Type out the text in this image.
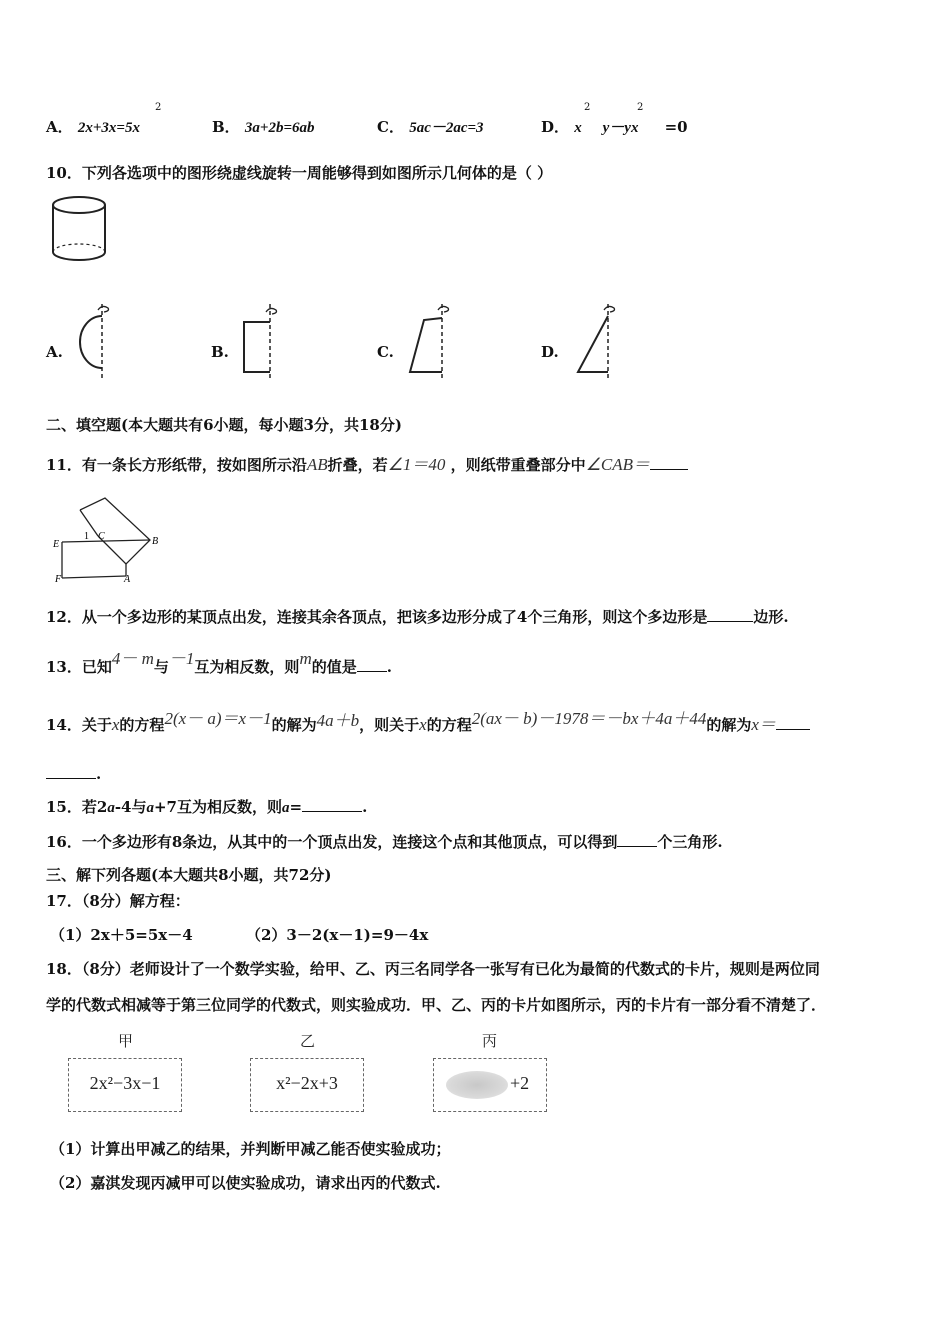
A． 2x+3x=5x
2
B． 3a+2b=6ab	C． 5ac－2ac=3	D． x y－yx =0
2	2
10．下列各选项中的图形绕虚线旋转一周能够得到如图所示几何体的是（ ）
A.	B.	C.	D.
二、填空题(本大题共有6小题，每小题3分，共18分)
11．有一条长方形纸带，按如图所示沿AB折叠，若∠1＝40 ，则纸带重叠部分中∠CAB＝
E
1 C	B
F	A
12．从一个多边形的某顶点出发，连接其余各顶点，把该多边形分成了4个三角形，则这个多边形是	边形.
13．已知4－ m与－1互为相反数，则m的值是 .
14．关于x的方程2(x－ a)＝x－1的解为4a＋b，则关于x的方程2(ax－ b)－1978＝－bx＋4a＋44的解为x＝
.
15．若2a-4与a+7互为相反数，则a=	.
16．一个多边形有8条边，从其中的一个顶点出发，连接这个点和其他顶点，可以得到	个三角形.
三、解下列各题(本大题共8小题，共72分)
17．（8分）解方程：
（1）2x＋5=5x－4	（2）3－2(x－1)=9－4x
18．（8分）老师设计了一个数学实验，给甲、乙、丙三名同学各一张写有已化为最简的代数式的卡片，规则是两位同
学的代数式相减等于第三位同学的代数式，则实验成功．甲、乙、丙的卡片如图所示，丙的卡片有一部分看不清楚了．
甲
2x²−3x−1
乙
x²−2x+3
丙
+2
（1）计算出甲减乙的结果，并判断甲减乙能否使实验成功；
（2）嘉淇发现丙减甲可以使实验成功，请求出丙的代数式.
